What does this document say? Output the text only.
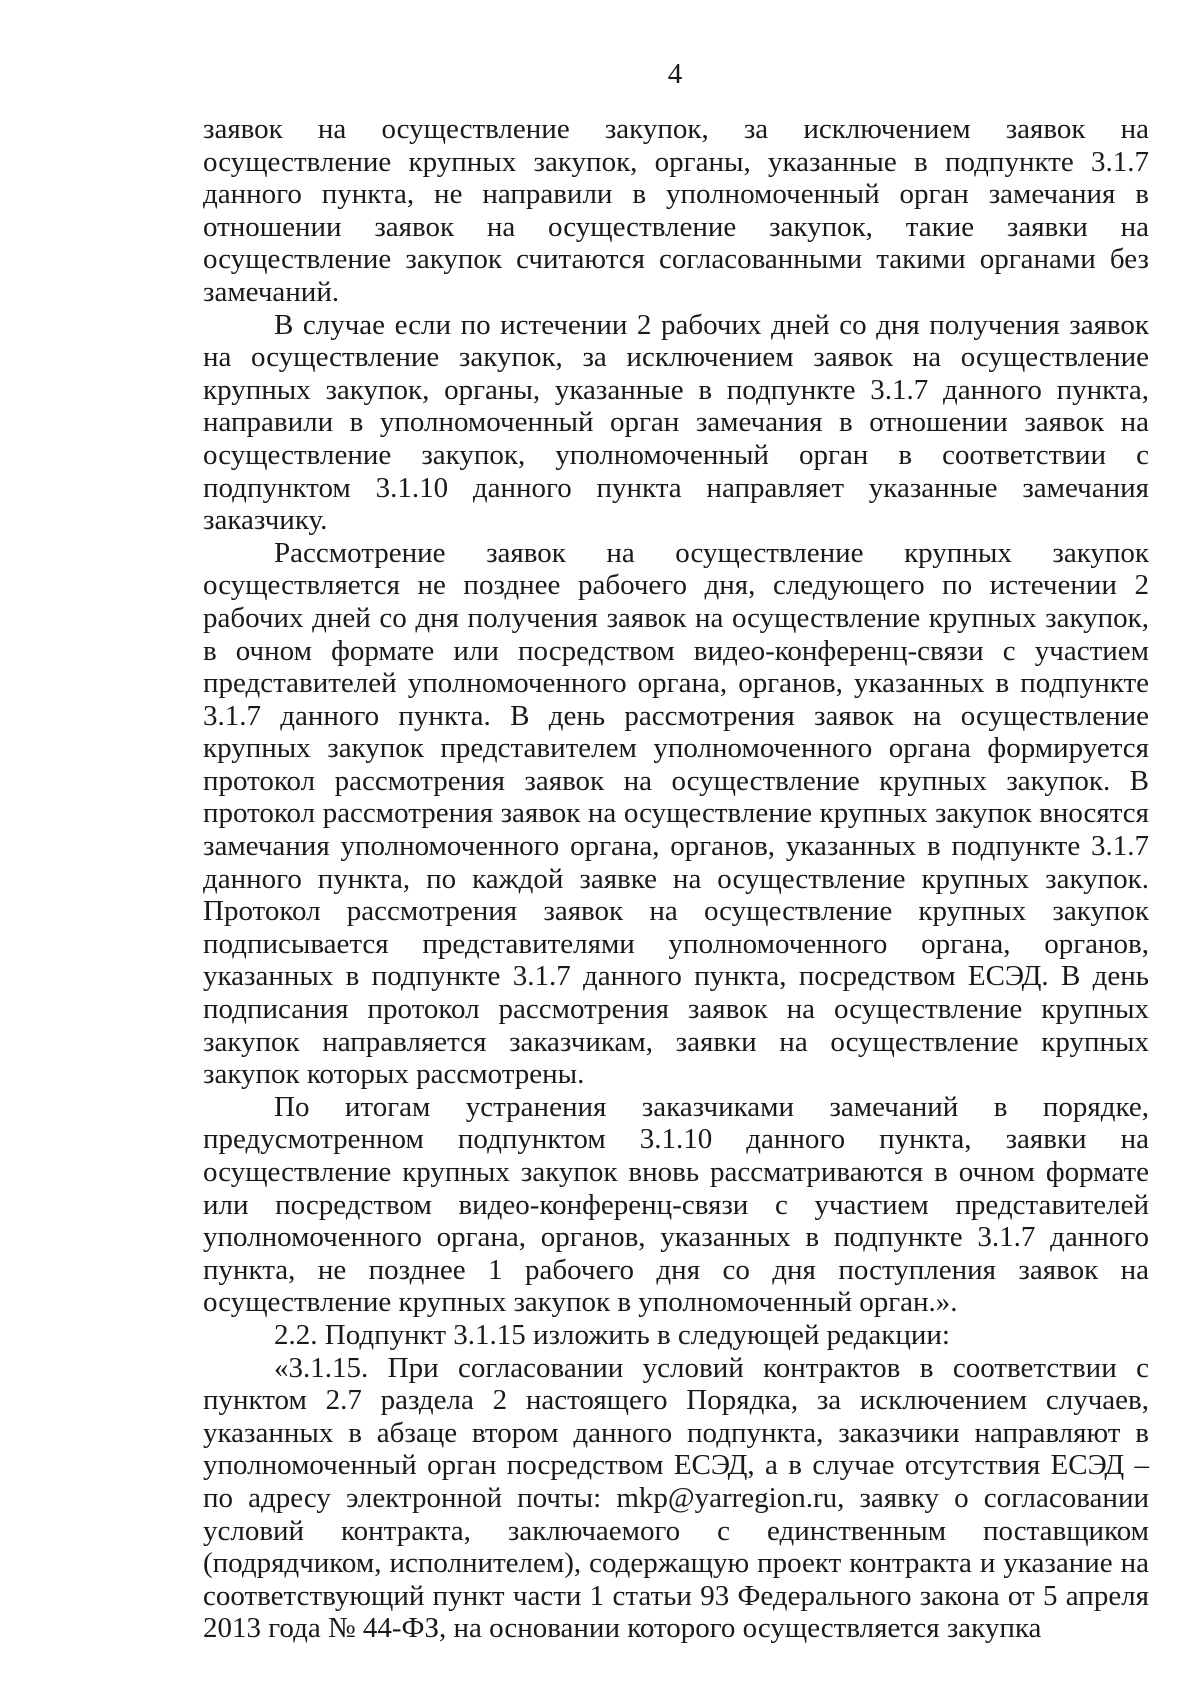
4

заявок на осуществление закупок, за исключением заявок на осуществление крупных закупок, органы, указанные в подпункте 3.1.7 данного пункта, не направили в уполномоченный орган замечания в отношении заявок на осуществление закупок, такие заявки на осуществление закупок считаются согласованными такими органами без замечаний.

В случае если по истечении 2 рабочих дней со дня получения заявок на осуществление закупок, за исключением заявок на осуществление крупных закупок, органы, указанные в подпункте 3.1.7 данного пункта, направили в уполномоченный орган замечания в отношении заявок на осуществление закупок, уполномоченный орган в соответствии с подпунктом 3.1.10 данного пункта направляет указанные замечания заказчику.

Рассмотрение заявок на осуществление крупных закупок осуществляется не позднее рабочего дня, следующего по истечении 2 рабочих дней со дня получения заявок на осуществление крупных закупок, в очном формате или посредством видео-конференц-связи с участием представителей уполномоченного органа, органов, указанных в подпункте 3.1.7 данного пункта. В день рассмотрения заявок на осуществление крупных закупок представителем уполномоченного органа формируется протокол рассмотрения заявок на осуществление крупных закупок. В протокол рассмотрения заявок на осуществление крупных закупок вносятся замечания уполномоченного органа, органов, указанных в подпункте 3.1.7 данного пункта, по каждой заявке на осуществление крупных закупок. Протокол рассмотрения заявок на осуществление крупных закупок подписывается представителями уполномоченного органа, органов, указанных в подпункте 3.1.7 данного пункта, посредством ЕСЭД. В день подписания протокол рассмотрения заявок на осуществление крупных закупок направляется заказчикам, заявки на осуществление крупных закупок которых рассмотрены.

По итогам устранения заказчиками замечаний в порядке, предусмотренном подпунктом 3.1.10 данного пункта, заявки на осуществление крупных закупок вновь рассматриваются в очном формате или посредством видео-конференц-связи с участием представителей уполномоченного органа, органов, указанных в подпункте 3.1.7 данного пункта, не позднее 1 рабочего дня со дня поступления заявок на осуществление крупных закупок в уполномоченный орган.».

2.2. Подпункт 3.1.15 изложить в следующей редакции:

«3.1.15. При согласовании условий контрактов в соответствии с пунктом 2.7 раздела 2 настоящего Порядка, за исключением случаев, указанных в абзаце втором данного подпункта, заказчики направляют в уполномоченный орган посредством ЕСЭД, а в случае отсутствия ЕСЭД – по адресу электронной почты: mkp@yarregion.ru, заявку о согласовании условий контракта, заключаемого с единственным поставщиком (подрядчиком, исполнителем), содержащую проект контракта и указание на соответствующий пункт части 1 статьи 93 Федерального закона от 5 апреля 2013 года № 44-ФЗ, на основании которого осуществляется закупка
